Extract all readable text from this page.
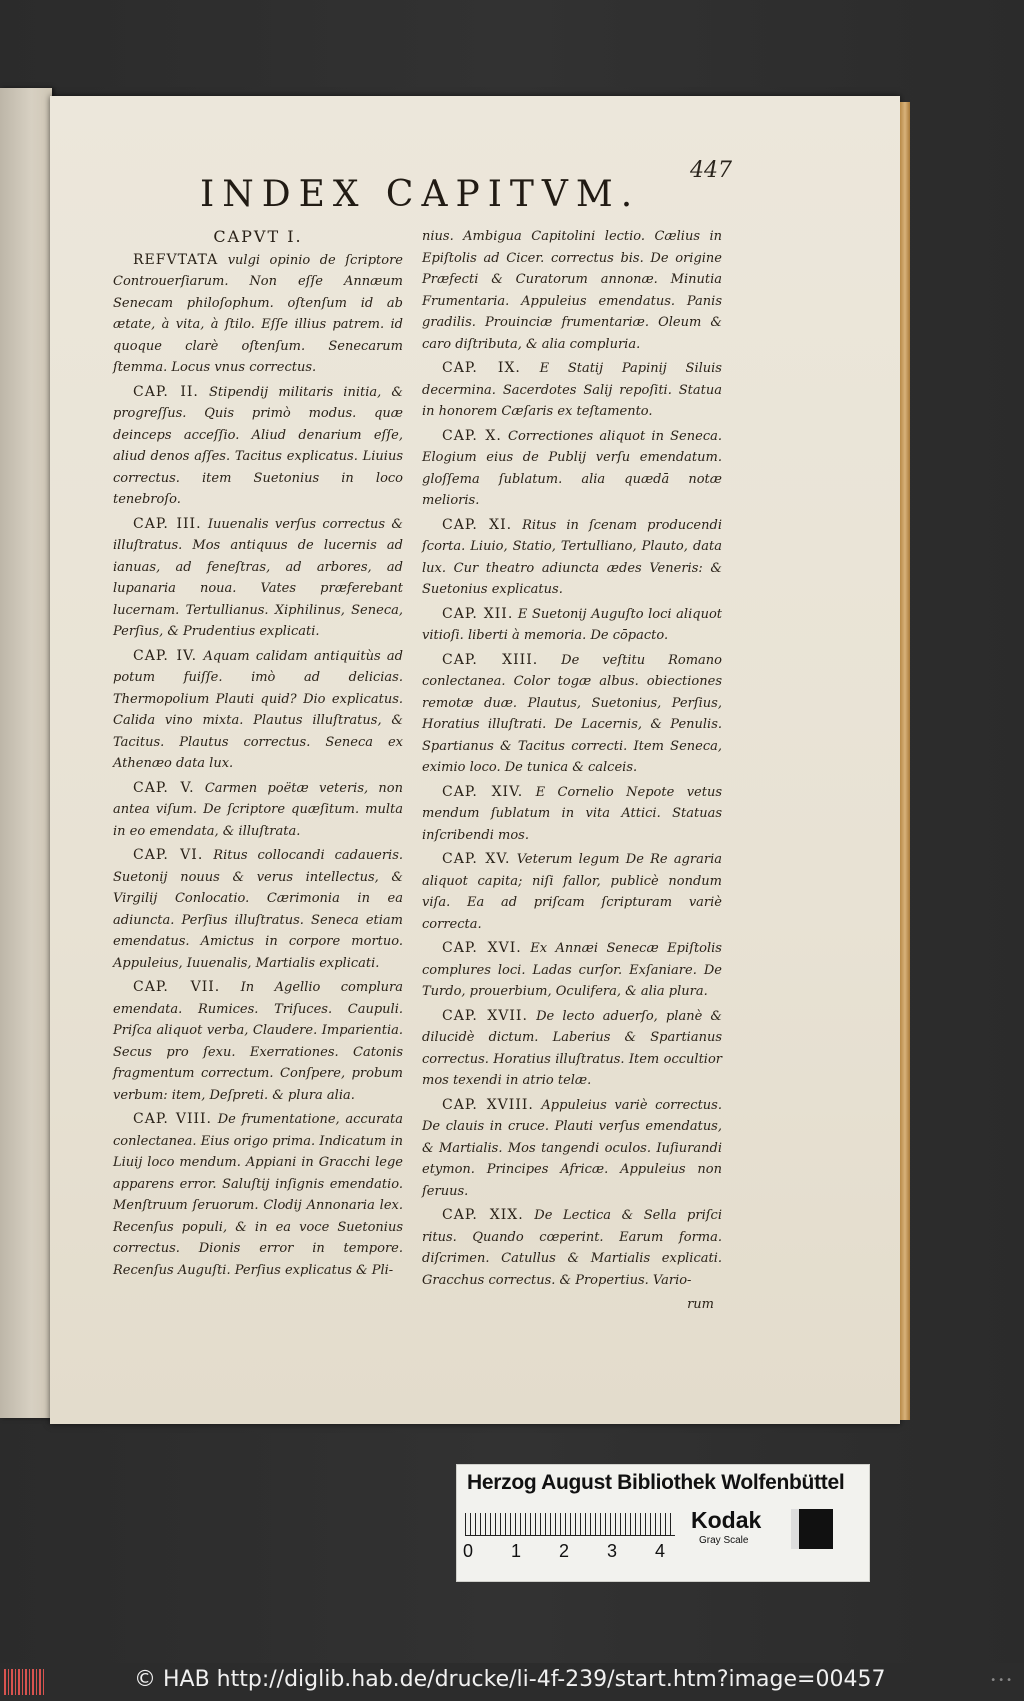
447
INDEX CAPITVM.
CAPVT I.

REFVTATA vulgi opinio de ſcriptore Controuerſiarum. Non eſſe Annæum Senecam philoſophum. oſtenſum id ab ætate, à vita, à ſtilo. Eſſe illius patrem. id quoque clarè oſtenſum. Senecarum ſtemma. Locus vnus correctus.

CAP. II. Stipendij militaris initia, & progreſſus. Quis primò modus. quæ deinceps acceſſio. Aliud denarium eſſe, aliud denos aſſes. Tacitus explicatus. Liuius correctus. item Suetonius in loco tenebroſo.

CAP. III. Iuuenalis verſus correctus & illuſtratus. Mos antiquus de lucernis ad ianuas, ad feneſtras, ad arbores, ad lupanaria noua. Vates præferebant lucernam. Tertullianus. Xiphilinus, Seneca, Perſius, & Prudentius explicati.

CAP. IV. Aquam calidam antiquitùs ad potum fuiſſe. imò ad delicias. Thermopolium Plauti quid? Dio explicatus. Calida vino mixta. Plautus illuſtratus, & Tacitus. Plautus correctus. Seneca ex Athenæo data lux.

CAP. V. Carmen poëtæ veteris, non antea viſum. De ſcriptore quæſitum. multa in eo emendata, & illuſtrata.

CAP. VI. Ritus collocandi cadaueris. Suetonij nouus & verus intellectus, & Virgilij Conlocatio. Cærimonia in ea adiuncta. Perſius illuſtratus. Seneca etiam emendatus. Amictus in corpore mortuo. Appuleius, Iuuenalis, Martialis explicati.

CAP. VII. In Agellio complura emendata. Rumices. Triſuces. Caupuli. Priſca aliquot verba, Claudere. Imparientia. Secus pro ſexu. Exerrationes. Catonis fragmentum correctum. Conſpere, probum verbum: item, Deſpreti. & plura alia.

CAP. VIII. De frumentatione, accurata conlectanea. Eius origo prima. Indicatum in Liuij loco mendum. Appiani in Gracchi lege apparens error. Saluſtij inſignis emendatio. Menſtruum ſeruorum. Clodij Annonaria lex. Recenſus populi, & in ea voce Suetonius correctus. Dionis error in tempore. Recenſus Auguſti. Perſius explicatus & Pli-

nius. Ambigua Capitolini lectio. Cælius in Epiſtolis ad Cicer. correctus bis. De origine Præfecti & Curatorum annonæ. Minutia Frumentaria. Appuleius emendatus. Panis gradilis. Prouinciæ frumentariæ. Oleum & caro diſtributa, & alia compluria.

CAP. IX. E Statij Papinij Siluis decermina. Sacerdotes Salij repoſiti. Statua in honorem Cæſaris ex teſtamento.

CAP. X. Correctiones aliquot in Seneca. Elogium eius de Publij verſu emendatum. gloſſema ſublatum. alia quædā notæ melioris.

CAP. XI. Ritus in ſcenam producendi ſcorta. Liuio, Statio, Tertulliano, Plauto, data lux. Cur theatro adiuncta ædes Veneris: & Suetonius explicatus.

CAP. XII. E Suetonij Auguſto loci aliquot vitioſi. liberti à memoria. De cōpacto.

CAP. XIII. De veſtitu Romano conlectanea. Color togæ albus. obiectiones remotæ duæ. Plautus, Suetonius, Perſius, Horatius illuſtrati. De Lacernis, & Penulis. Spartianus & Tacitus correcti. Item Seneca, eximio loco. De tunica & calceis.

CAP. XIV. E Cornelio Nepote vetus mendum ſublatum in vita Attici. Statuas inſcribendi mos.

CAP. XV. Veterum legum De Re agraria aliquot capita; niſi fallor, publicè nondum viſa. Ea ad priſcam ſcripturam variè correcta.

CAP. XVI. Ex Annæi Senecæ Epiſtolis complures loci. Ladas curſor. Exſaniare. De Turdo, prouerbium, Oculifera, & alia plura.

CAP. XVII. De lecto aduerſo, planè & dilucidè dictum. Laberius & Spartianus correctus. Horatius illuſtratus. Item occultior mos texendi in atrio telæ.

CAP. XVIII. Appuleius variè correctus. De clauis in cruce. Plauti verſus emendatus, & Martialis. Mos tangendi oculos. Iuſiurandi etymon. Principes Africæ. Appuleius non ſeruus.

CAP. XIX. De Lectica & Sella priſci ritus. Quando cœperint. Earum forma. diſcrimen. Catullus & Martialis explicati. Gracchus correctus. & Propertius. Vario-

rum
Herzog August Bibliothek Wolfenbüttel
0 1 2 3 4
Kodak
Gray Scale
© HAB http://diglib.hab.de/drucke/li-4f-239/start.htm?image=00457	•••
